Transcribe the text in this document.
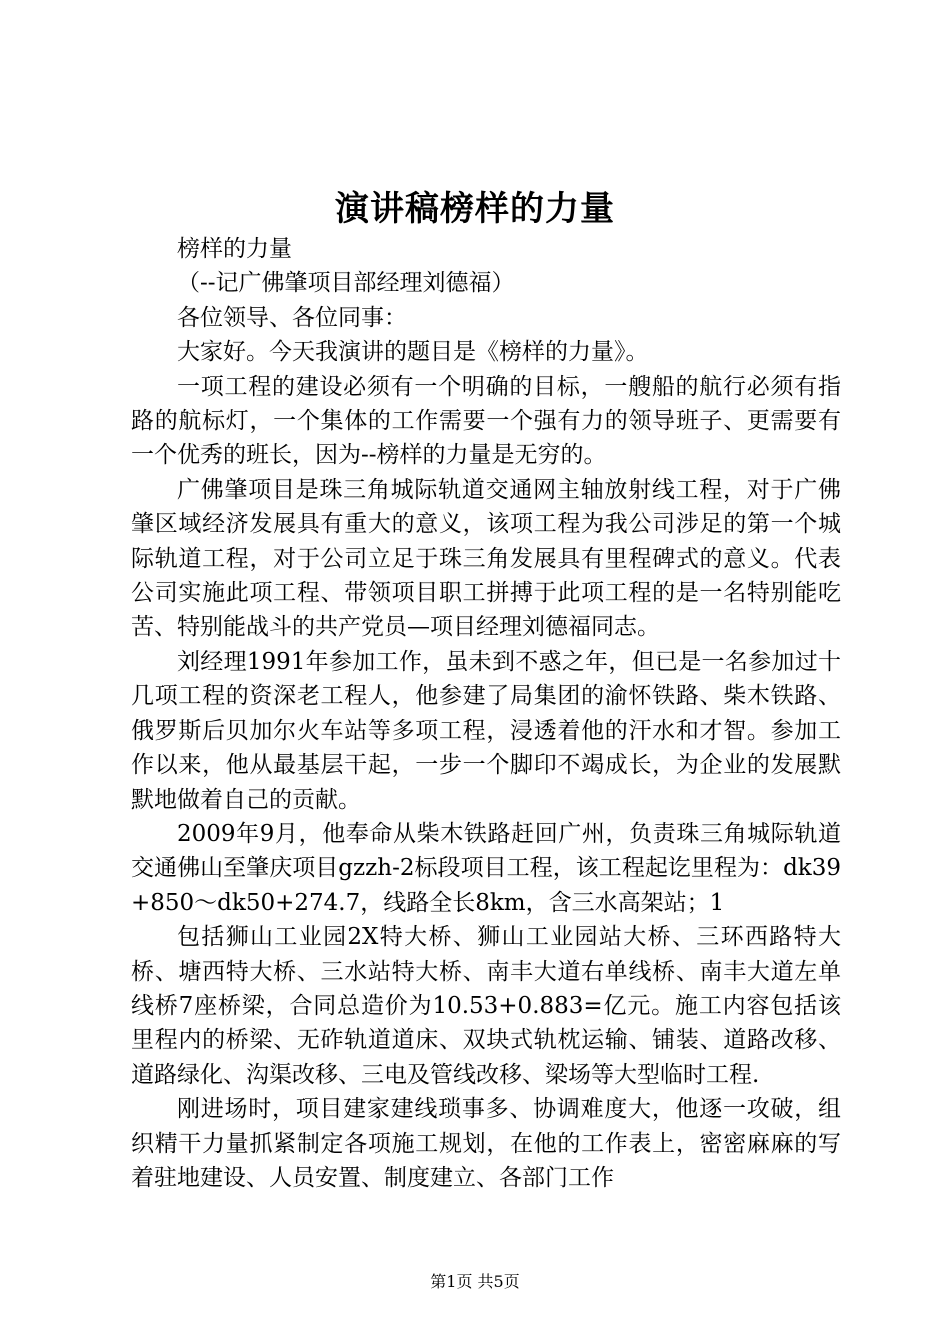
演讲稿榜样的力量

榜样的力量

（--记广佛肇项目部经理刘德福）

各位领导、各位同事：

大家好。今天我演讲的题目是《榜样的力量》。

一项工程的建设必须有一个明确的目标，一艘船的航行必须有指路的航标灯，一个集体的工作需要一个强有力的领导班子、更需要有一个优秀的班长，因为--榜样的力量是无穷的。

广佛肇项目是珠三角城际轨道交通网主轴放射线工程，对于广佛肇区域经济发展具有重大的意义，该项工程为我公司涉足的第一个城际轨道工程，对于公司立足于珠三角发展具有里程碑式的意义。代表公司实施此项工程、带领项目职工拼搏于此项工程的是一名特别能吃苦、特别能战斗的共产党员—项目经理刘德福同志。

刘经理1991年参加工作，虽未到不惑之年，但已是一名参加过十几项工程的资深老工程人，他参建了局集团的渝怀铁路、柴木铁路、俄罗斯后贝加尔火车站等多项工程，浸透着他的汗水和才智。参加工作以来，他从最基层干起，一步一个脚印不竭成长，为企业的发展默默地做着自己的贡献。

2009年9月，他奉命从柴木铁路赶回广州，负责珠三角城际轨道交通佛山至肇庆项目gzzh-2标段项目工程，该工程起讫里程为：dk39+850～dk50+274.7，线路全长8km，含三水高架站；1

包括狮山工业园2X特大桥、狮山工业园站大桥、三环西路特大桥、塘西特大桥、三水站特大桥、南丰大道右单线桥、南丰大道左单线桥7座桥梁，合同总造价为10.53+0.883=亿元。施工内容包括该里程内的桥梁、无砟轨道道床、双块式轨枕运输、铺装、道路改移、道路绿化、沟渠改移、三电及管线改移、梁场等大型临时工程.

刚进场时，项目建家建线琐事多、协调难度大，他逐一攻破，组织精干力量抓紧制定各项施工规划，在他的工作表上，密密麻麻的写着驻地建设、人员安置、制度建立、各部门工作

第1页 共5页
